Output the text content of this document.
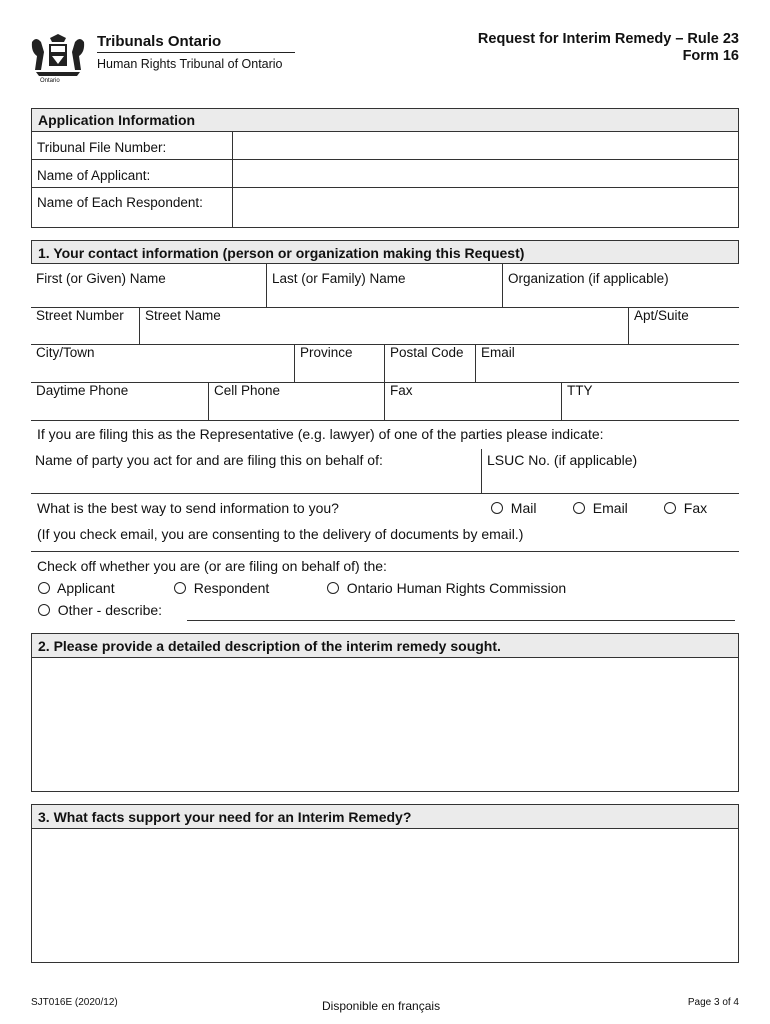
Ontario
Tribunals Ontario
Human Rights Tribunal of Ontario
Request for Interim Remedy – Rule 23
Form 16
Application Information
Tribunal File Number:
Name of Applicant:
Name of Each Respondent:
1. Your contact information (person or organization making this Request)
First (or Given) Name	Last (or Family) Name	Organization (if applicable)
Street Number	Street Name	Apt/Suite
City/Town	Province	Postal Code	Email
Daytime Phone	Cell Phone	Fax	TTY
If you are filing this as the Representative (e.g. lawyer) of one of the parties please indicate:
Name of party you act for and are filing this on behalf of:	LSUC No. (if applicable)
What is the best way to send information to you?	Mail	Email	Fax
(If you check email, you are consenting to the delivery of documents by email.)
Check off whether you are (or are filing on behalf of) the:
Applicant	Respondent	Ontario Human Rights Commission
Other - describe:
2. Please provide a detailed description of the interim remedy sought.
3. What facts support your need for an Interim Remedy?
SJT016E (2020/12)	Disponible en français	Page 3 of 4
